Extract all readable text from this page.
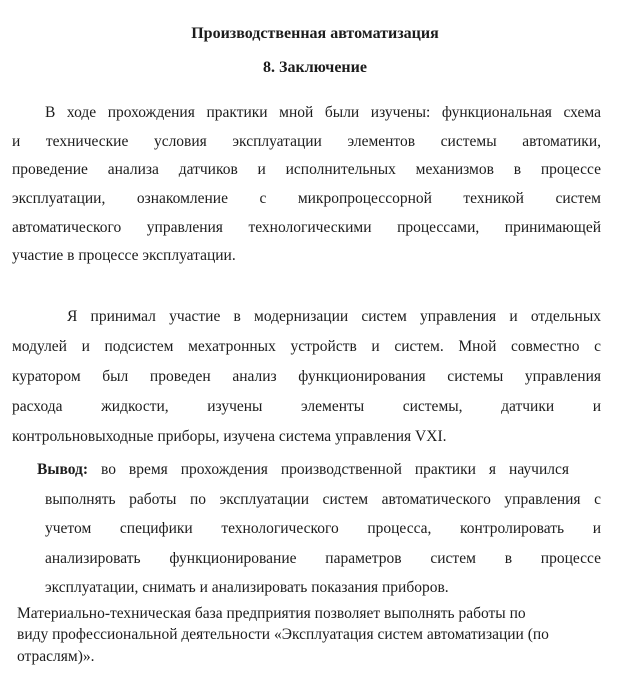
Производственная автоматизация
8. Заключение
В ходе прохождения практики мной были изучены: функциональная схема
и технические условия эксплуатации элементов системы автоматики,
проведение анализа датчиков и исполнительных механизмов в процессе
эксплуатации, ознакомление с микропроцессорной техникой систем
автоматического управления технологическими процессами, принимающей
участие в процессе эксплуатации.
Я принимал участие в модернизации систем управления и отдельных
модулей и подсистем мехатронных устройств и систем. Мной совместно с
куратором был проведен анализ функционирования системы управления
расхода жидкости, изучены элементы системы, датчики и
контрольновыходные приборы, изучена система управления VXI.
Вывод: во время прохождения производственной практики я научился
выполнять работы по эксплуатации систем автоматического управления с
учетом специфики технологического процесса, контролировать и
анализировать функционирование параметров систем в процессе
эксплуатации, снимать и анализировать показания приборов.
Материально-техническая база предприятия позволяет выполнять работы по
виду профессиональной деятельности «Эксплуатация систем автоматизации (по
отраслям)».
